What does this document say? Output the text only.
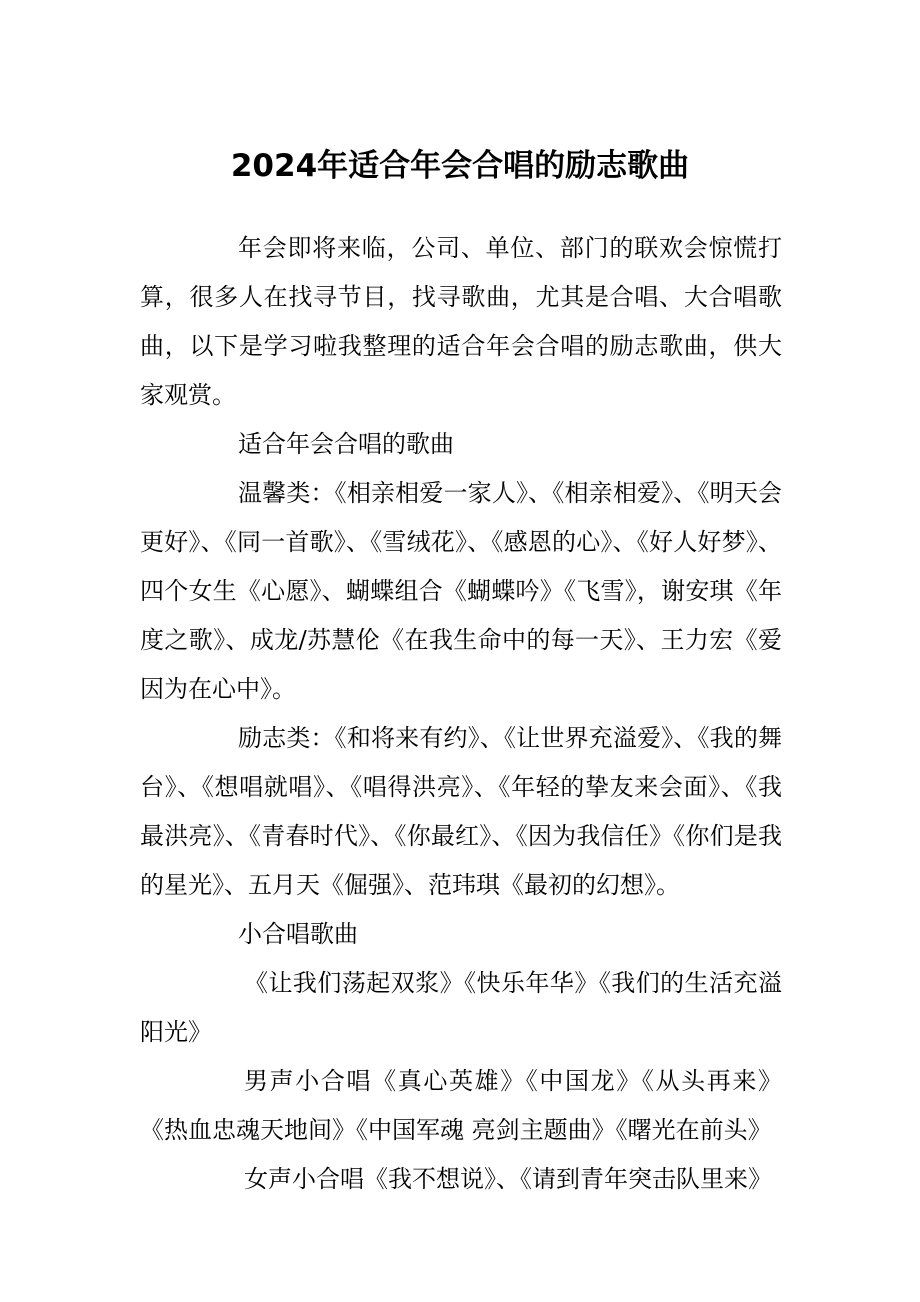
2024年适合年会合唱的励志歌曲

年会即将来临，公司、单位、部门的联欢会惊慌打算，很多人在找寻节目，找寻歌曲，尤其是合唱、大合唱歌曲，以下是学习啦我整理的适合年会合唱的励志歌曲，供大家观赏。

适合年会合唱的歌曲

温馨类：《相亲相爱一家人》、《相亲相爱》、《明天会更好》、《同一首歌》、《雪绒花》、《感恩的心》、《好人好梦》、四个女生《心愿》、蝴蝶组合《蝴蝶吟》《飞雪》，谢安琪《年度之歌》、成龙/苏慧伦《在我生命中的每一天》、王力宏《爱因为在心中》。

励志类：《和将来有约》、《让世界充溢爱》、《我的舞台》、《想唱就唱》、《唱得洪亮》、《年轻的挚友来会面》、《我最洪亮》、《青春时代》、《你最红》、《因为我信任》《你们是我的星光》、五月天《倔强》、范玮琪《最初的幻想》。

小合唱歌曲

《让我们荡起双浆》《快乐年华》《我们的生活充溢阳光》

男声小合唱《真心英雄》《中国龙》《从头再来》《热血忠魂天地间》《中国军魂 亮剑主题曲》《曙光在前头》

女声小合唱《我不想说》、《请到青年突击队里来》
